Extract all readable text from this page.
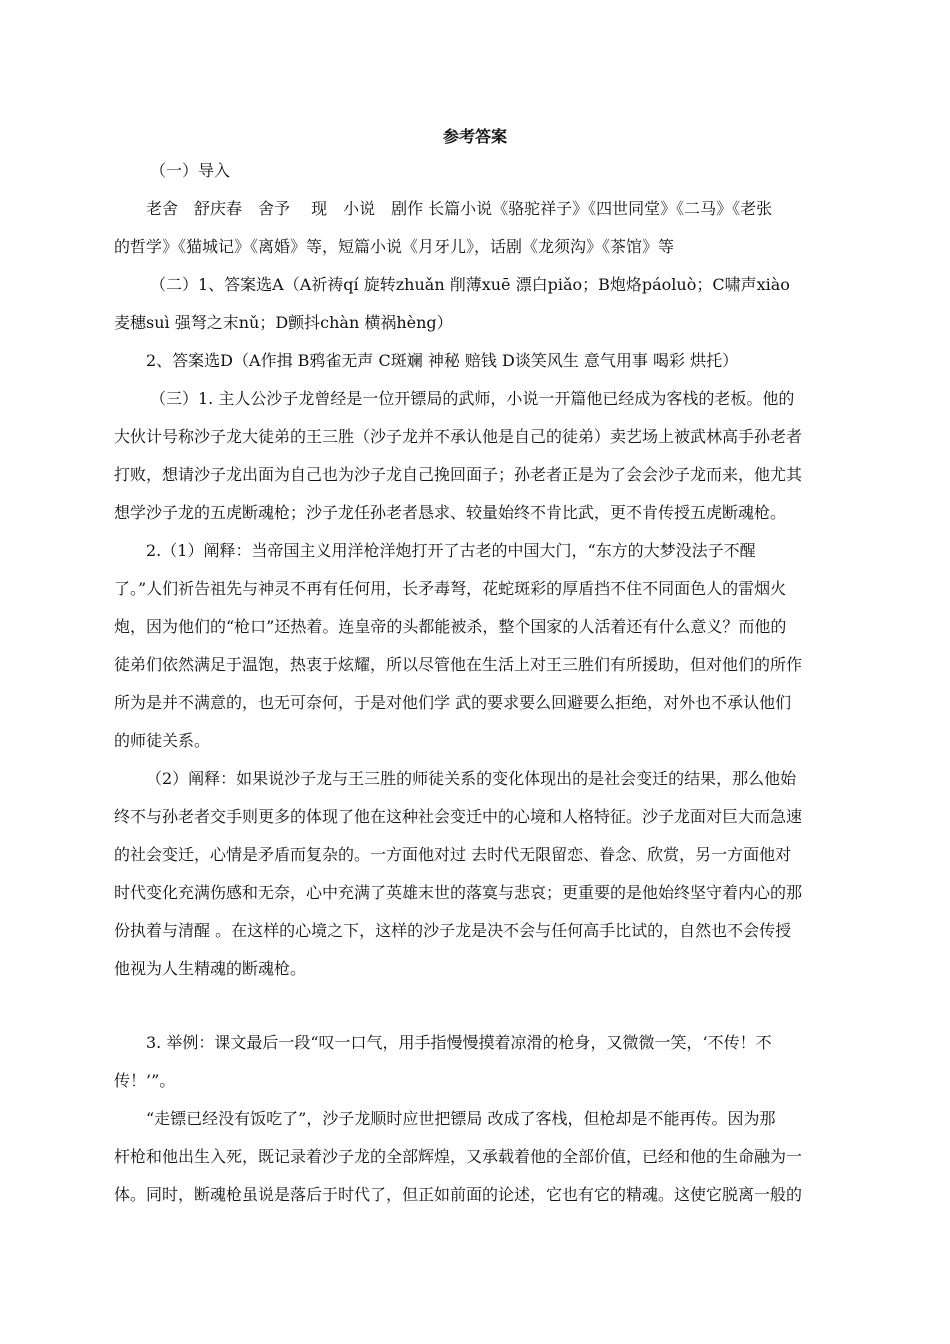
参考答案
（一）导入
老舍　舒庆春　舍予　 现　小说　剧作 长篇小说《骆驼祥子》《四世同堂》《二马》《老张
的哲学》《猫城记》《离婚》等，短篇小说《月牙儿》，话剧《龙须沟》《茶馆》等
（二）1、答案选A（A祈祷qí 旋转zhuǎn 削薄xuē 漂白piǎo；B炮烙páoluò；C啸声xiào
麦穗suì 强弩之末nǔ；D颤抖chàn 横祸hèng）
2、答案选D（A作揖 B鸦雀无声 C斑斓 神秘 赔钱 D谈笑风生 意气用事 喝彩 烘托）
（三）1. 主人公沙子龙曾经是一位开镖局的武师，小说一开篇他已经成为客栈的老板。他的
大伙计号称沙子龙大徒弟的王三胜（沙子龙并不承认他是自己的徒弟）卖艺场上被武林高手孙老者
打败，想请沙子龙出面为自己也为沙子龙自己挽回面子；孙老者正是为了会会沙子龙而来，他尤其
想学沙子龙的五虎断魂枪；沙子龙任孙老者恳求、较量始终不肯比武，更不肯传授五虎断魂枪。
2.（1）阐释：当帝国主义用洋枪洋炮打开了古老的中国大门，“东方的大梦没法子不醒
了。”人们祈告祖先与神灵不再有任何用，长矛毒弩，花蛇斑彩的厚盾挡不住不同面色人的雷烟火
炮，因为他们的“枪口”还热着。连皇帝的头都能被杀，整个国家的人活着还有什么意义？而他的
徒弟们依然满足于温饱，热衷于炫耀，所以尽管他在生活上对王三胜们有所援助，但对他们的所作
所为是并不满意的，也无可奈何，于是对他们学 武的要求要么回避要么拒绝，对外也不承认他们
的师徒关系。
（2）阐释：如果说沙子龙与王三胜的师徒关系的变化体现出的是社会变迁的结果，那么他始
终不与孙老者交手则更多的体现了他在这种社会变迁中的心境和人格特征。沙子龙面对巨大而急速
的社会变迁，心情是矛盾而复杂的。一方面他对过 去时代无限留恋、眷念、欣赏，另一方面他对
时代变化充满伤感和无奈，心中充满了英雄末世的落寞与悲哀；更重要的是他始终坚守着内心的那
份执着与清醒 。在这样的心境之下，这样的沙子龙是决不会与任何高手比试的，自然也不会传授
他视为人生精魂的断魂枪。
3. 举例：课文最后一段“叹一口气，用手指慢慢摸着凉滑的枪身，又微微一笑，‘不传！不
传！’”。
“走镖已经没有饭吃了”，沙子龙顺时应世把镖局 改成了客栈，但枪却是不能再传。因为那
杆枪和他出生入死，既记录着沙子龙的全部辉煌，又承载着他的全部价值，已经和他的生命融为一
体。同时，断魂枪虽说是落后于时代了，但正如前面的论述，它也有它的精魂。这使它脱离一般的
